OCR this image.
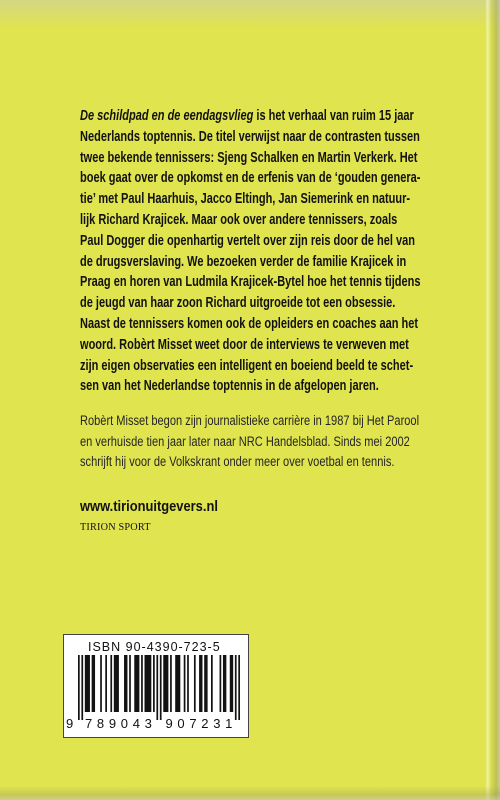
De schildpad en de eendagsvlieg is het verhaal van ruim 15 jaar
Nederlands toptennis. De titel verwijst naar de contrasten tussen
twee bekende tennissers: Sjeng Schalken en Martin Verkerk. Het
boek gaat over de opkomst en de erfenis van de ‘gouden genera-
tie’ met Paul Haarhuis, Jacco Eltingh, Jan Siemerink en natuur-
lijk Richard Krajicek. Maar ook over andere tennissers, zoals
Paul Dogger die openhartig vertelt over zijn reis door de hel van
de drugsverslaving. We bezoeken verder de familie Krajicek in
Praag en horen van Ludmila Krajicek-Bytel hoe het tennis tijdens
de jeugd van haar zoon Richard uitgroeide tot een obsessie.
Naast de tennissers komen ook de opleiders en coaches aan het
woord. Robèrt Misset weet door de interviews te verweven met
zijn eigen observaties een intelligent en boeiend beeld te schet-
sen van het Nederlandse toptennis in de afgelopen jaren.
Robèrt Misset begon zijn journalistieke carrière in 1987 bij Het Parool
en verhuisde tien jaar later naar NRC Handelsblad. Sinds mei 2002
schrijft hij voor de Volkskrant onder meer over voetbal en tennis.
www.tirionuitgevers.nl
TIRION SPORT
ISBN 90-4390-723-5
9 789043 907231
